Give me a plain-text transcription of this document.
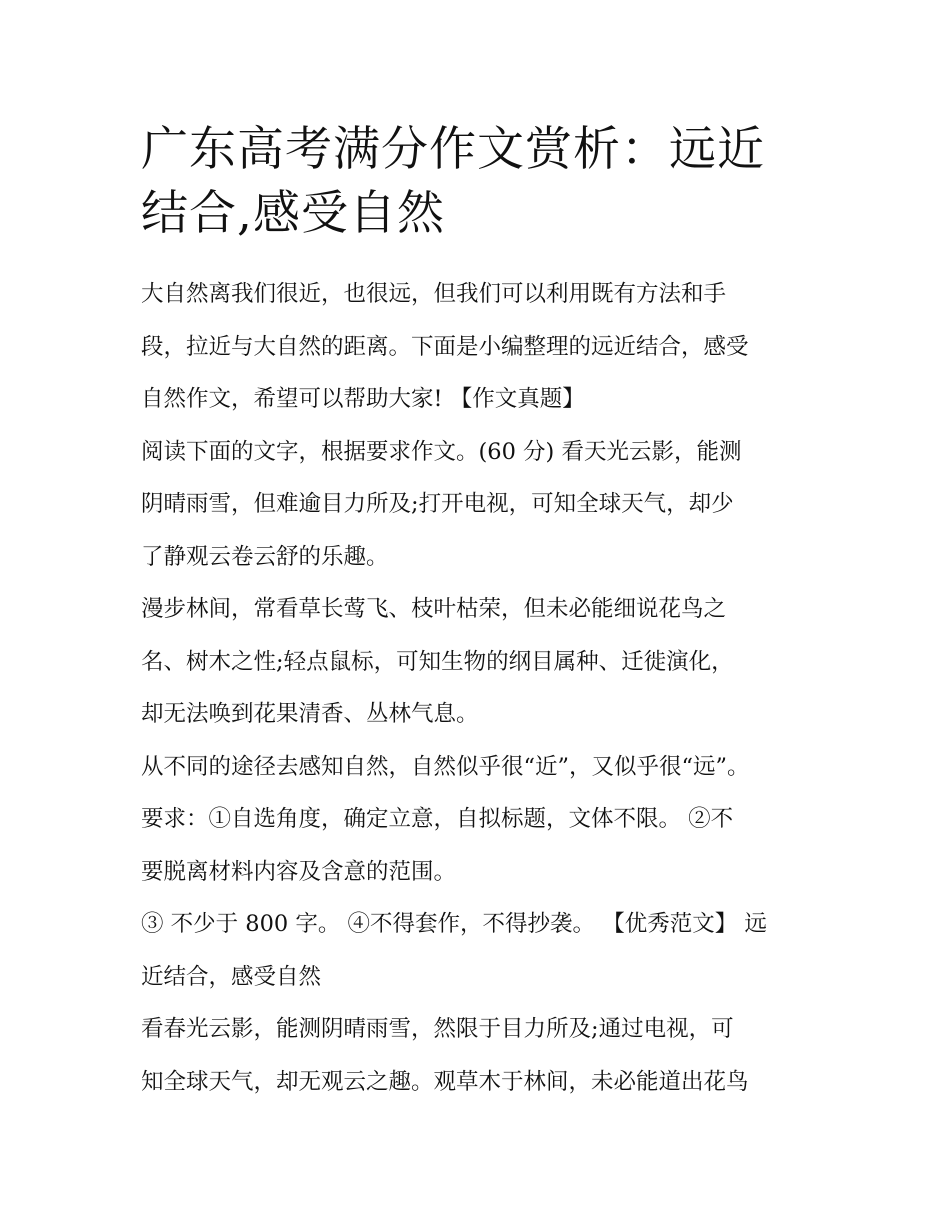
广东高考满分作文赏析：远近
结合,感受自然

大自然离我们很近，也很远，但我们可以利用既有方法和手
段，拉近与大自然的距离。下面是小编整理的远近结合，感受
自然作文，希望可以帮助大家! 【作文真题】

阅读下面的文字，根据要求作文。(60 分) 看天光云影，能测
阴晴雨雪，但难逾目力所及;打开电视，可知全球天气，却少
了静观云卷云舒的乐趣。

漫步林间，常看草长莺飞、枝叶枯荣，但未必能细说花鸟之
名、树木之性;轻点鼠标，可知生物的纲目属种、迁徙演化，
却无法唤到花果清香、丛林气息。

从不同的途径去感知自然，自然似乎很“近”，又似乎很“远”。
要求：①自选角度，确定立意，自拟标题，文体不限。 ②不
要脱离材料内容及含意的范围。

③ 不少于 800 字。 ④不得套作，不得抄袭。 【优秀范文】 远
近结合，感受自然

看春光云影，能测阴晴雨雪，然限于目力所及;通过电视，可
知全球天气，却无观云之趣。观草木于林间，未必能道出花鸟
